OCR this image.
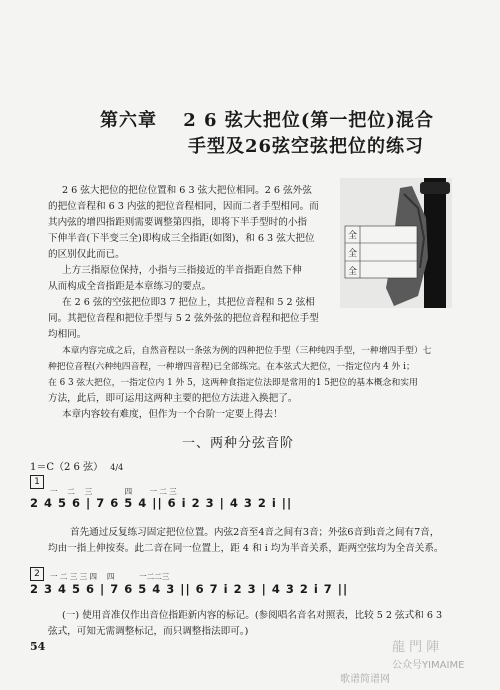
第六章　 2 6 弦大把位(第一把位)混合
手型及26弦空弦把位的练习
2 6 弦大把位的把位位置和 6 3 弦大把位相同。2 6 弦外弦
的把位音程和 6 3 内弦的把位音程相同，因而二者手型相同。而
其内弦的增四指距则需要调整第四指，即将下半手型时的小指
下伸半音(下半变三全)即构成三全指距(如图)，和 6 3 弦大把位
的区别仅此而已。
上方三指原位保持，小指与三指接近的半音指距自然下伸
从而构成全音指距是本章练习的要点。
在 2 6 弦的空弦把位即3 7 把位上，其把位音程和 5 2 弦相
同。其把位音程和把位手型与 5 2 弦外弦的把位音程和把位手型
均相同。
本章内容完成之后，自然音程以一条弦为例的四种把位手型（三种纯四手型，一种增四手型）七
种把位音程(六种纯四音程，一种增四音程)已全部练完。在本弦式大把位，一指定位内 4 外 i；
在 6 3 弦大把位，一指定位内 1 外 5，这两种食指定位法即是常用的1 5把位的基本概念和实用
方法，此后，即可运用这两种主要的把位方法进入换把了。
本章内容较有难度，但作为一个台阶一定要上得去！
全
全
全
一、两种分弦音阶
1＝C（2 6 弦） 4/4
1
一　 二　 三　　　　 四　　 一 二 三
2 4 5 6 | 7 6 5 4 || 6 i 2 3 | 4 3 2 i ||
首先通过反复练习固定把位位置。内弦2音至4音之间有3音；外弦6音到i音之间有7音，
均由一指上伸按奏。此二音在同一位置上，距 4 和 i 均为半音关系，距两空弦均为全音关系。
2	一 二 三 三 四　 四　　　 一二二三
2 3 4 5 6 | 7 6 5 4 3 || 6 7 i 2 3 | 4 3 2 i 7 ||
(一) 使用音准仅作出音位指距新内容的标记。(参阅唱名音名对照表，比较 5 2 弦式和 6 3
弦式，可知无需调整标记，而只调整指法即可。)
54	龍 門 陣
公众号YIMAIME
歌谱简谱网
